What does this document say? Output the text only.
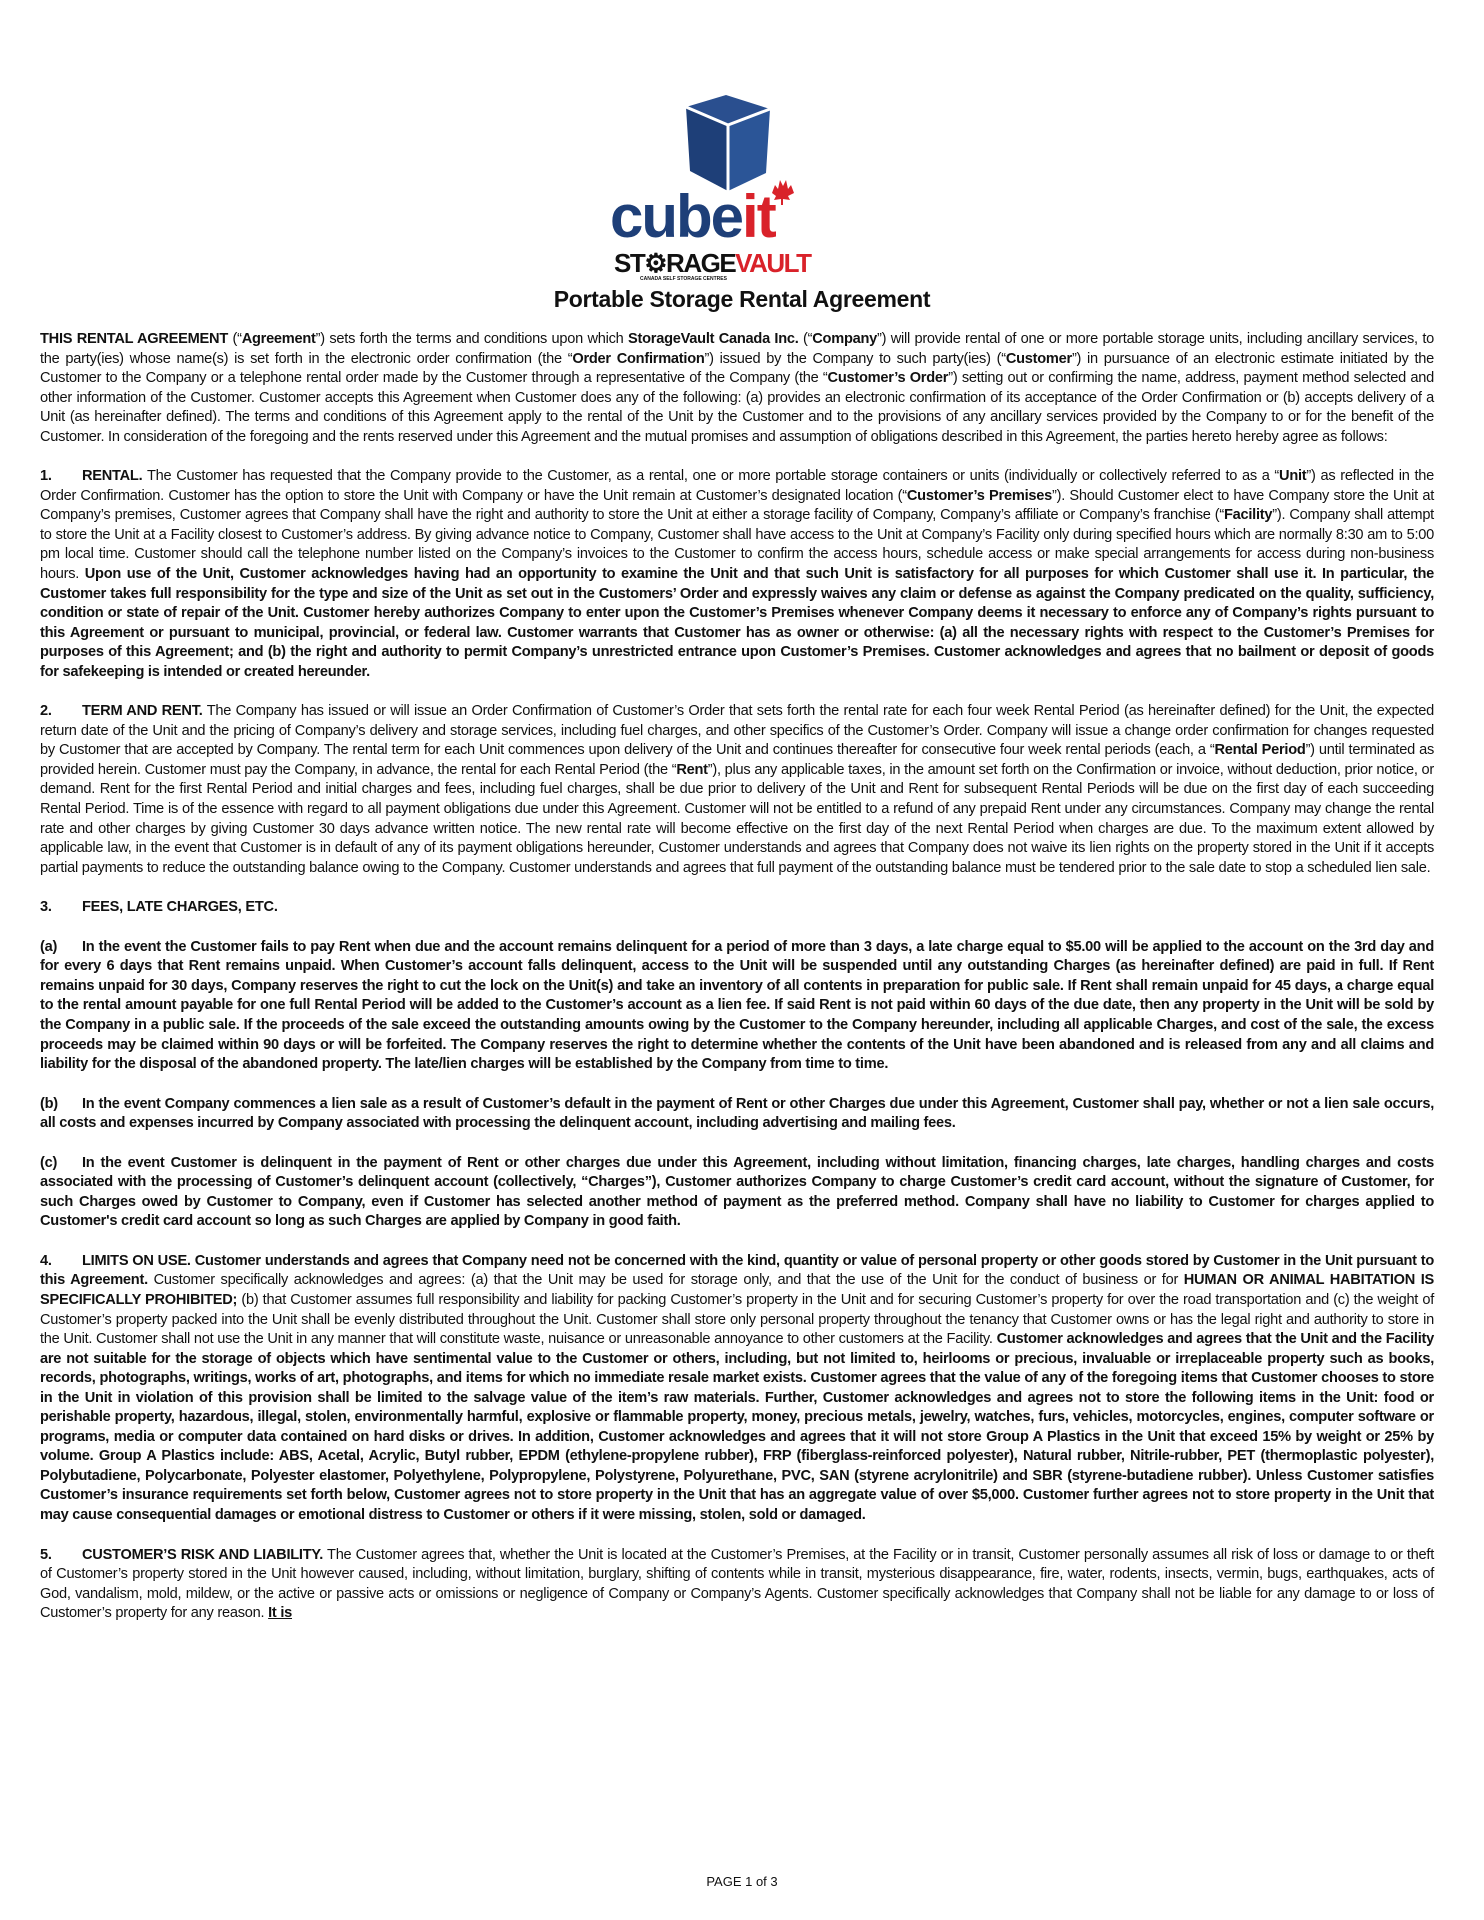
cubeit
ST⚙RAGEVAULT
CANADA SELF STORAGE CENTRES
Portable Storage Rental Agreement

THIS RENTAL AGREEMENT (“Agreement”) sets forth the terms and conditions upon which StorageVault Canada Inc. (“Company”) will provide rental of one or more portable storage units, including ancillary services, to the party(ies) whose name(s) is set forth in the electronic order confirmation (the “Order Confirmation”) issued by the Company to such party(ies) (“Customer”) in pursuance of an electronic estimate initiated by the Customer to the Company or a telephone rental order made by the Customer through a representative of the Company (the “Customer’s Order”) setting out or confirming the name, address, payment method selected and other information of the Customer. Customer accepts this Agreement when Customer does any of the following: (a) provides an electronic confirmation of its acceptance of the Order Confirmation or (b) accepts delivery of a Unit (as hereinafter defined). The terms and conditions of this Agreement apply to the rental of the Unit by the Customer and to the provisions of any ancillary services provided by the Company to or for the benefit of the Customer. In consideration of the foregoing and the rents reserved under this Agreement and the mutual promises and assumption of obligations described in this Agreement, the parties hereto hereby agree as follows:

1. RENTAL. The Customer has requested that the Company provide to the Customer, as a rental, one or more portable storage containers or units (individually or collectively referred to as a “Unit”) as reflected in the Order Confirmation. Customer has the option to store the Unit with Company or have the Unit remain at Customer’s designated location (“Customer’s Premises”). Should Customer elect to have Company store the Unit at Company’s premises, Customer agrees that Company shall have the right and authority to store the Unit at either a storage facility of Company, Company’s affiliate or Company’s franchise (“Facility”). Company shall attempt to store the Unit at a Facility closest to Customer’s address. By giving advance notice to Company, Customer shall have access to the Unit at Company’s Facility only during specified hours which are normally 8:30 am to 5:00 pm local time. Customer should call the telephone number listed on the Company’s invoices to the Customer to confirm the access hours, schedule access or make special arrangements for access during non-business hours. Upon use of the Unit, Customer acknowledges having had an opportunity to examine the Unit and that such Unit is satisfactory for all purposes for which Customer shall use it. In particular, the Customer takes full responsibility for the type and size of the Unit as set out in the Customers’ Order and expressly waives any claim or defense as against the Company predicated on the quality, sufficiency, condition or state of repair of the Unit. Customer hereby authorizes Company to enter upon the Customer’s Premises whenever Company deems it necessary to enforce any of Company’s rights pursuant to this Agreement or pursuant to municipal, provincial, or federal law. Customer warrants that Customer has as owner or otherwise: (a) all the necessary rights with respect to the Customer’s Premises for purposes of this Agreement; and (b) the right and authority to permit Company’s unrestricted entrance upon Customer’s Premises. Customer acknowledges and agrees that no bailment or deposit of goods for safekeeping is intended or created hereunder.

2. TERM AND RENT. The Company has issued or will issue an Order Confirmation of Customer’s Order that sets forth the rental rate for each four week Rental Period (as hereinafter defined) for the Unit, the expected return date of the Unit and the pricing of Company’s delivery and storage services, including fuel charges, and other specifics of the Customer’s Order. Company will issue a change order confirmation for changes requested by Customer that are accepted by Company. The rental term for each Unit commences upon delivery of the Unit and continues thereafter for consecutive four week rental periods (each, a “Rental Period”) until terminated as provided herein. Customer must pay the Company, in advance, the rental for each Rental Period (the “Rent”), plus any applicable taxes, in the amount set forth on the Confirmation or invoice, without deduction, prior notice, or demand. Rent for the first Rental Period and initial charges and fees, including fuel charges, shall be due prior to delivery of the Unit and Rent for subsequent Rental Periods will be due on the first day of each succeeding Rental Period. Time is of the essence with regard to all payment obligations due under this Agreement. Customer will not be entitled to a refund of any prepaid Rent under any circumstances. Company may change the rental rate and other charges by giving Customer 30 days advance written notice. The new rental rate will become effective on the first day of the next Rental Period when charges are due. To the maximum extent allowed by applicable law, in the event that Customer is in default of any of its payment obligations hereunder, Customer understands and agrees that Company does not waive its lien rights on the property stored in the Unit if it accepts partial payments to reduce the outstanding balance owing to the Company. Customer understands and agrees that full payment of the outstanding balance must be tendered prior to the sale date to stop a scheduled lien sale.

3. FEES, LATE CHARGES, ETC.

(a) In the event the Customer fails to pay Rent when due and the account remains delinquent for a period of more than 3 days, a late charge equal to $5.00 will be applied to the account on the 3rd day and for every 6 days that Rent remains unpaid. When Customer’s account falls delinquent, access to the Unit will be suspended until any outstanding Charges (as hereinafter defined) are paid in full. If Rent remains unpaid for 30 days, Company reserves the right to cut the lock on the Unit(s) and take an inventory of all contents in preparation for public sale. If Rent shall remain unpaid for 45 days, a charge equal to the rental amount payable for one full Rental Period will be added to the Customer’s account as a lien fee. If said Rent is not paid within 60 days of the due date, then any property in the Unit will be sold by the Company in a public sale. If the proceeds of the sale exceed the outstanding amounts owing by the Customer to the Company hereunder, including all applicable Charges, and cost of the sale, the excess proceeds may be claimed within 90 days or will be forfeited. The Company reserves the right to determine whether the contents of the Unit have been abandoned and is released from any and all claims and liability for the disposal of the abandoned property. The late/lien charges will be established by the Company from time to time.

(b) In the event Company commences a lien sale as a result of Customer’s default in the payment of Rent or other Charges due under this Agreement, Customer shall pay, whether or not a lien sale occurs, all costs and expenses incurred by Company associated with processing the delinquent account, including advertising and mailing fees.

(c) In the event Customer is delinquent in the payment of Rent or other charges due under this Agreement, including without limitation, financing charges, late charges, handling charges and costs associated with the processing of Customer’s delinquent account (collectively, “Charges”), Customer authorizes Company to charge Customer’s credit card account, without the signature of Customer, for such Charges owed by Customer to Company, even if Customer has selected another method of payment as the preferred method. Company shall have no liability to Customer for charges applied to Customer's credit card account so long as such Charges are applied by Company in good faith.

4. LIMITS ON USE. Customer understands and agrees that Company need not be concerned with the kind, quantity or value of personal property or other goods stored by Customer in the Unit pursuant to this Agreement. Customer specifically acknowledges and agrees: (a) that the Unit may be used for storage only, and that the use of the Unit for the conduct of business or for HUMAN OR ANIMAL HABITATION IS SPECIFICALLY PROHIBITED; (b) that Customer assumes full responsibility and liability for packing Customer’s property in the Unit and for securing Customer’s property for over the road transportation and (c) the weight of Customer’s property packed into the Unit shall be evenly distributed throughout the Unit. Customer shall store only personal property throughout the tenancy that Customer owns or has the legal right and authority to store in the Unit. Customer shall not use the Unit in any manner that will constitute waste, nuisance or unreasonable annoyance to other customers at the Facility. Customer acknowledges and agrees that the Unit and the Facility are not suitable for the storage of objects which have sentimental value to the Customer or others, including, but not limited to, heirlooms or precious, invaluable or irreplaceable property such as books, records, photographs, writings, works of art, photographs, and items for which no immediate resale market exists. Customer agrees that the value of any of the foregoing items that Customer chooses to store in the Unit in violation of this provision shall be limited to the salvage value of the item’s raw materials. Further, Customer acknowledges and agrees not to store the following items in the Unit: food or perishable property, hazardous, illegal, stolen, environmentally harmful, explosive or flammable property, money, precious metals, jewelry, watches, furs, vehicles, motorcycles, engines, computer software or programs, media or computer data contained on hard disks or drives. In addition, Customer acknowledges and agrees that it will not store Group A Plastics in the Unit that exceed 15% by weight or 25% by volume. Group A Plastics include: ABS, Acetal, Acrylic, Butyl rubber, EPDM (ethylene-propylene rubber), FRP (fiberglass-reinforced polyester), Natural rubber, Nitrile-rubber, PET (thermoplastic polyester), Polybutadiene, Polycarbonate, Polyester elastomer, Polyethylene, Polypropylene, Polystyrene, Polyurethane, PVC, SAN (styrene acrylonitrile) and SBR (styrene-butadiene rubber). Unless Customer satisfies Customer’s insurance requirements set forth below, Customer agrees not to store property in the Unit that has an aggregate value of over $5,000. Customer further agrees not to store property in the Unit that may cause consequential damages or emotional distress to Customer or others if it were missing, stolen, sold or damaged.

5. CUSTOMER’S RISK AND LIABILITY. The Customer agrees that, whether the Unit is located at the Customer’s Premises, at the Facility or in transit, Customer personally assumes all risk of loss or damage to or theft of Customer’s property stored in the Unit however caused, including, without limitation, burglary, shifting of contents while in transit, mysterious disappearance, fire, water, rodents, insects, vermin, bugs, earthquakes, acts of God, vandalism, mold, mildew, or the active or passive acts or omissions or negligence of Company or Company’s Agents. Customer specifically acknowledges that Company shall not be liable for any damage to or loss of Customer’s property for any reason. It is

PAGE 1 of 3
